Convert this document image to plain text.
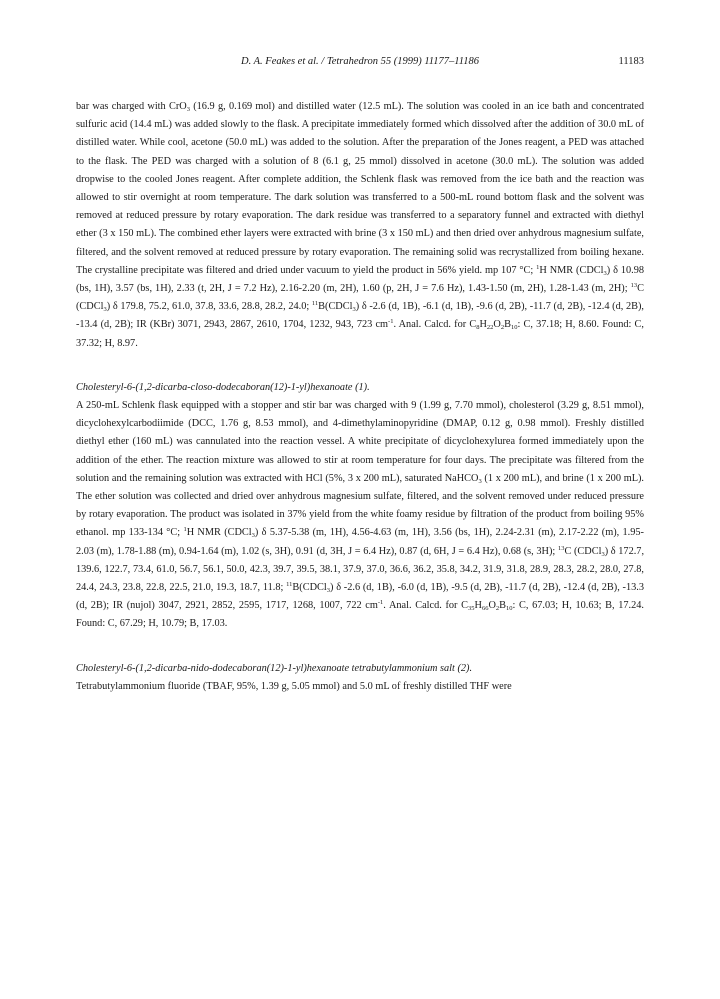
D. A. Feakes et al. / Tetrahedron 55 (1999) 11177–11186	11183

bar was charged with CrO$_3$ (16.9 g, 0.169 mol) and distilled water (12.5 mL). The solution was cooled in an ice bath and concentrated sulfuric acid (14.4 mL) was added slowly to the flask. A precipitate immediately formed which dissolved after the addition of 30.0 mL of distilled water. While cool, acetone (50.0 mL) was added to the solution. After the preparation of the Jones reagent, a PED was attached to the flask. The PED was charged with a solution of 8 (6.1 g, 25 mmol) dissolved in acetone (30.0 mL). The solution was added dropwise to the cooled Jones reagent. After complete addition, the Schlenk flask was removed from the ice bath and the reaction was allowed to stir overnight at room temperature. The dark solution was transferred to a 500-mL round bottom flask and the solvent was removed at reduced pressure by rotary evaporation. The dark residue was transferred to a separatory funnel and extracted with diethyl ether (3 x 150 mL). The combined ether layers were extracted with brine (3 x 150 mL) and then dried over anhydrous magnesium sulfate, filtered, and the solvent removed at reduced pressure by rotary evaporation. The remaining solid was recrystallized from boiling hexane. The crystalline precipitate was filtered and dried under vacuum to yield the product in 56% yield. mp 107 °C; $^1$H NMR (CDCl$_3$) δ 10.98 (bs, 1H), 3.57 (bs, 1H), 2.33 (t, 2H, J = 7.2 Hz), 2.16-2.20 (m, 2H), 1.60 (p, 2H, J = 7.6 Hz), 1.43-1.50 (m, 2H), 1.28-1.43 (m, 2H); $^{13}$C (CDCl$_3$) δ 179.8, 75.2, 61.0, 37.8, 33.6, 28.8, 28.2, 24.0; $^{11}$B(CDCl$_3$) δ -2.6 (d, 1B), -6.1 (d, 1B), -9.6 (d, 2B), -11.7 (d, 2B), -12.4 (d, 2B), -13.4 (d, 2B); IR (KBr) 3071, 2943, 2867, 2610, 1704, 1232, 943, 723 $cm^{-1}$. Anal. Calcd. for $C_8H_{22}O_2B_{10}$: C, 37.18; H, 8.60. Found: C, 37.32; H, 8.97.

Cholesteryl-6-(1,2-dicarba-closo-dodecaboran(12)-1-yl)hexanoate (1).

A 250-mL Schlenk flask equipped with a stopper and stir bar was charged with 9 (1.99 g, 7.70 mmol), cholesterol (3.29 g, 8.51 mmol), dicyclohexylcarbodiimide (DCC, 1.76 g, 8.53 mmol), and 4-dimethylaminopyridine (DMAP, 0.12 g, 0.98 mmol). Freshly distilled diethyl ether (160 mL) was cannulated into the reaction vessel. A white precipitate of dicyclohexylurea formed immediately upon the addition of the ether. The reaction mixture was allowed to stir at room temperature for four days. The precipitate was filtered from the solution and the remaining solution was extracted with HCl (5%, 3 x 200 mL), saturated NaHCO$_3$ (1 x 200 mL), and brine (1 x 200 mL). The ether solution was collected and dried over anhydrous magnesium sulfate, filtered, and the solvent removed under reduced pressure by rotary evaporation. The product was isolated in 37% yield from the white foamy residue by filtration of the product from boiling 95% ethanol. mp 133-134 °C; $^1$H NMR (CDCl$_3$) δ 5.37-5.38 (m, 1H), 4.56-4.63 (m, 1H), 3.56 (bs, 1H), 2.24-2.31 (m), 2.17-2.22 (m), 1.95-2.03 (m), 1.78-1.88 (m), 0.94-1.64 (m), 1.02 (s, 3H), 0.91 (d, 3H, J = 6.4 Hz), 0.87 (d, 6H, J = 6.4 Hz), 0.68 (s, 3H); $^{13}$C (CDCl$_3$) δ 172.7, 139.6, 122.7, 73.4, 61.0, 56.7, 56.1, 50.0, 42.3, 39.7, 39.5, 38.1, 37.9, 37.0, 36.6, 36.2, 35.8, 34.2, 31.9, 31.8, 28.9, 28.3, 28.2, 28.0, 27.8, 24.4, 24.3, 23.8, 22.8, 22.5, 21.0, 19.3, 18.7, 11.8; $^{11}$B(CDCl$_3$) δ -2.6 (d, 1B), -6.0 (d, 1B), -9.5 (d, 2B), -11.7 (d, 2B), -12.4 (d, 2B), -13.3 (d, 2B); IR (nujol) 3047, 2921, 2852, 2595, 1717, 1268, 1007, 722 $cm^{-1}$. Anal. Calcd. for $C_{35}H_{66}O_2B_{10}$: C, 67.03; H, 10.63; B, 17.24. Found: C, 67.29; H, 10.79; B, 17.03.

Cholesteryl-6-(1,2-dicarba-nido-dodecaboran(12)-1-yl)hexanoate tetrabutylammonium salt (2).

Tetrabutylammonium fluoride (TBAF, 95%, 1.39 g, 5.05 mmol) and 5.0 mL of freshly distilled THF were
